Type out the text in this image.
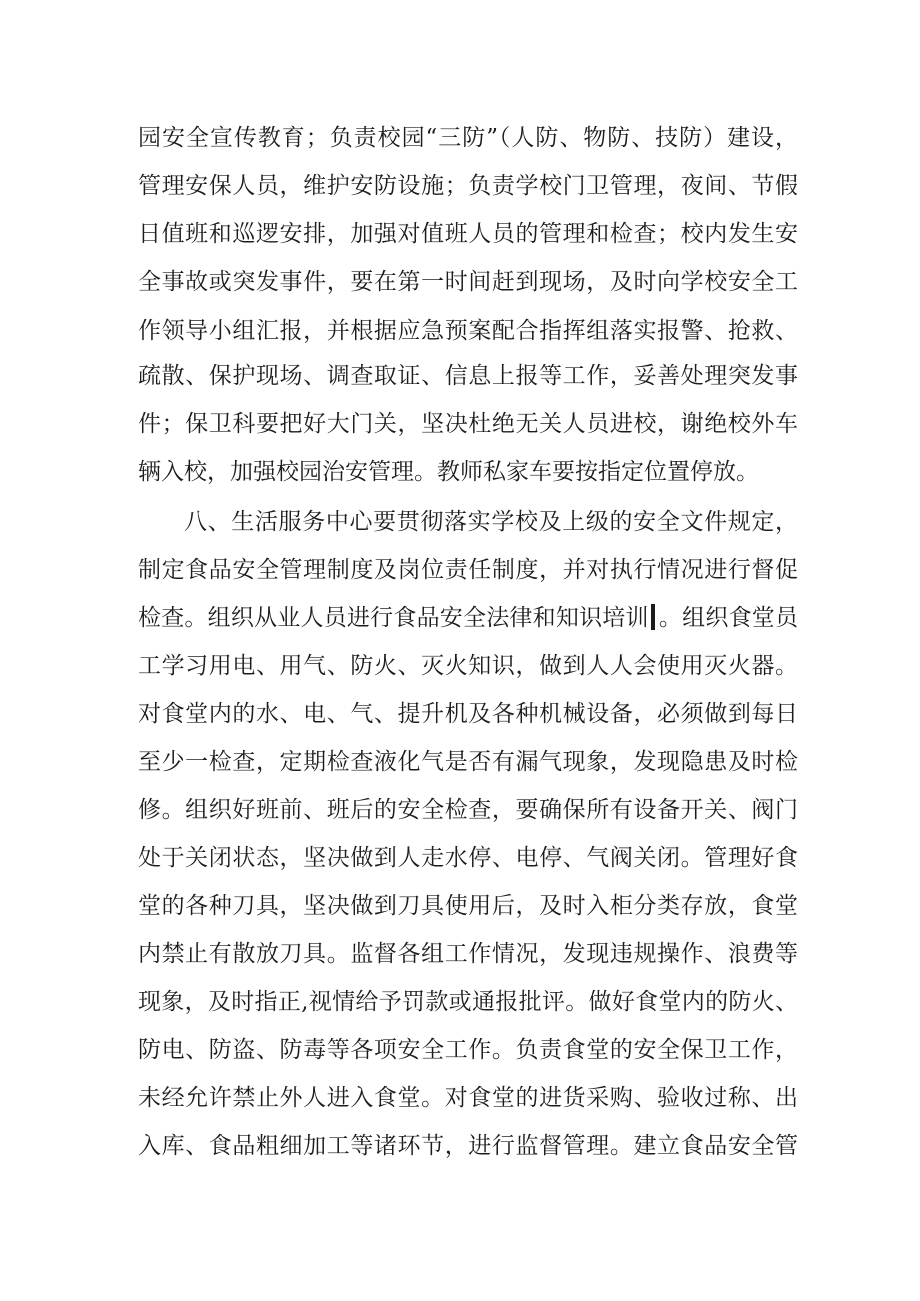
园安全宣传教育；负责校园“三防”（人防、物防、技防）建设，
管理安保人员，维护安防设施；负责学校门卫管理，夜间、节假
日值班和巡逻安排，加强对值班人员的管理和检查；校内发生安
全事故或突发事件，要在第一时间赶到现场，及时向学校安全工
作领导小组汇报，并根据应急预案配合指挥组落实报警、抢救、
疏散、保护现场、调查取证、信息上报等工作，妥善处理突发事
件；保卫科要把好大门关，坚决杜绝无关人员进校，谢绝校外车
辆入校，加强校园治安管理。教师私家车要按指定位置停放。
八、生活服务中心要贯彻落实学校及上级的安全文件规定，
制定食品安全管理制度及岗位责任制度，并对执行情况进行督促
检查。组织从业人员进行食品安全法律和知识培训 。组织食堂员
工学习用电、用气、防火、灭火知识，做到人人会使用灭火器。
对食堂内的水、电、气、提升机及各种机械设备，必须做到每日
至少一检查，定期检查液化气是否有漏气现象，发现隐患及时检
修。组织好班前、班后的安全检查，要确保所有设备开关、阀门
处于关闭状态，坚决做到人走水停、电停、气阀关闭。管理好食
堂的各种刀具，坚决做到刀具使用后，及时入柜分类存放，食堂
内禁止有散放刀具。监督各组工作情况，发现违规操作、浪费等
现象，及时指正,视情给予罚款或通报批评。做好食堂内的防火、
防电、防盗、防毒等各项安全工作。负责食堂的安全保卫工作，
未经允许禁止外人进入食堂。对食堂的进货采购、验收过称、出
入库、食品粗细加工等诸环节，进行监督管理。建立食品安全管
